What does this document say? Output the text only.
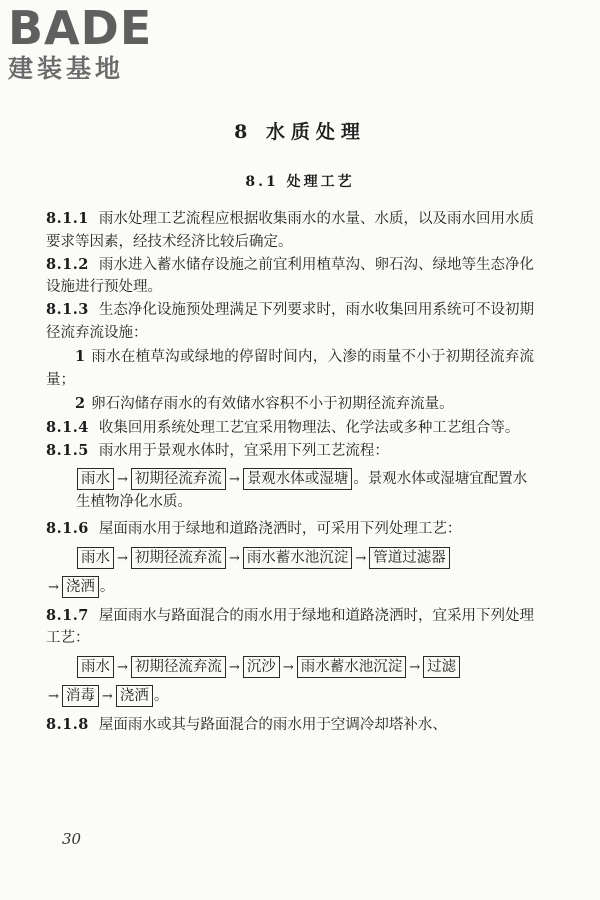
BADE
建装基地
8 水质处理
8.1 处理工艺

8.1.1 雨水处理工艺流程应根据收集雨水的水量、水质，以及雨水回用水质要求等因素，经技术经济比较后确定。

8.1.2 雨水进入蓄水储存设施之前宜利用植草沟、卵石沟、绿地等生态净化设施进行预处理。

8.1.3 生态净化设施预处理满足下列要求时，雨水收集回用系统可不设初期径流弃流设施：

1 雨水在植草沟或绿地的停留时间内，入渗的雨量不小于初期径流弃流量；

2 卵石沟储存雨水的有效储水容积不小于初期径流弃流量。

8.1.4 收集回用系统处理工艺宜采用物理法、化学法或多种工艺组合等。

8.1.5 雨水用于景观水体时，宜采用下列工艺流程：

雨水 → 初期径流弃流 → 景观水体或湿塘 。景观水体或湿塘宜配置水生植物净化水质。

8.1.6 屋面雨水用于绿地和道路浇洒时，可采用下列处理工艺：

雨水 → 初期径流弃流 → 雨水蓄水池沉淀 → 管道过滤器
→ 浇洒 。

8.1.7 屋面雨水与路面混合的雨水用于绿地和道路浇洒时，宜采用下列处理工艺：

雨水 → 初期径流弃流 → 沉沙 → 雨水蓄水池沉淀 → 过滤
→ 消毒 → 浇洒 。

8.1.8 屋面雨水或其与路面混合的雨水用于空调冷却塔补水、

30
